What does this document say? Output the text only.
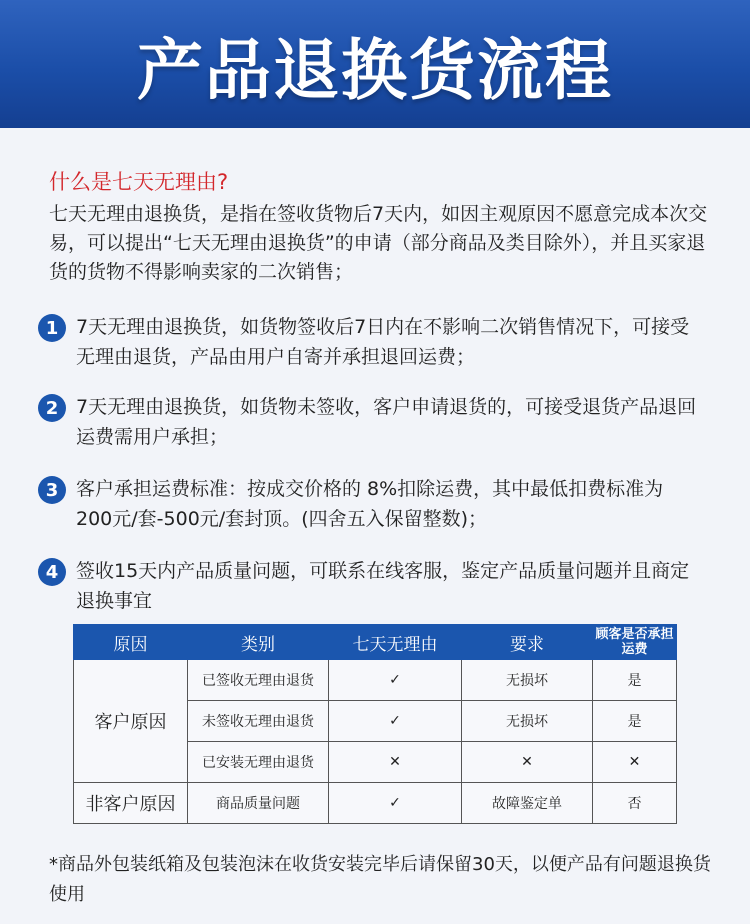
产品退换货流程
什么是七天无理由?
七天无理由退换货，是指在签收货物后7天内，如因主观原因不愿意完成本次交易，可以提出“七天无理由退换货”的申请（部分商品及类目除外），并且买家退货的货物不得影响卖家的二次销售；
1 7天无理由退换货，如货物签收后7日内在不影响二次销售情况下，可接受无理由退货，产品由用户自寄并承担退回运费；
2 7天无理由退换货，如货物未签收，客户申请退货的，可接受退货产品退回运费需用户承担；
3 客户承担运费标准：按成交价格的 8%扣除运费，其中最低扣费标准为200元/套-500元/套封顶。(四舍五入保留整数)；
4 签收15天内产品质量问题，可联系在线客服，鉴定产品质量问题并且商定退换事宜
原因	类别	七天无理由	要求	顾客是否承担运费
客户原因	已签收无理由退货	✓	无损坏	是
	未签收无理由退货	✓	无损坏	是
	已安装无理由退货	✕	✕	✕
非客户原因	商品质量问题	✓	故障鉴定单	否
*商品外包装纸箱及包装泡沫在收货安装完毕后请保留30天，以便产品有问题退换货使用
